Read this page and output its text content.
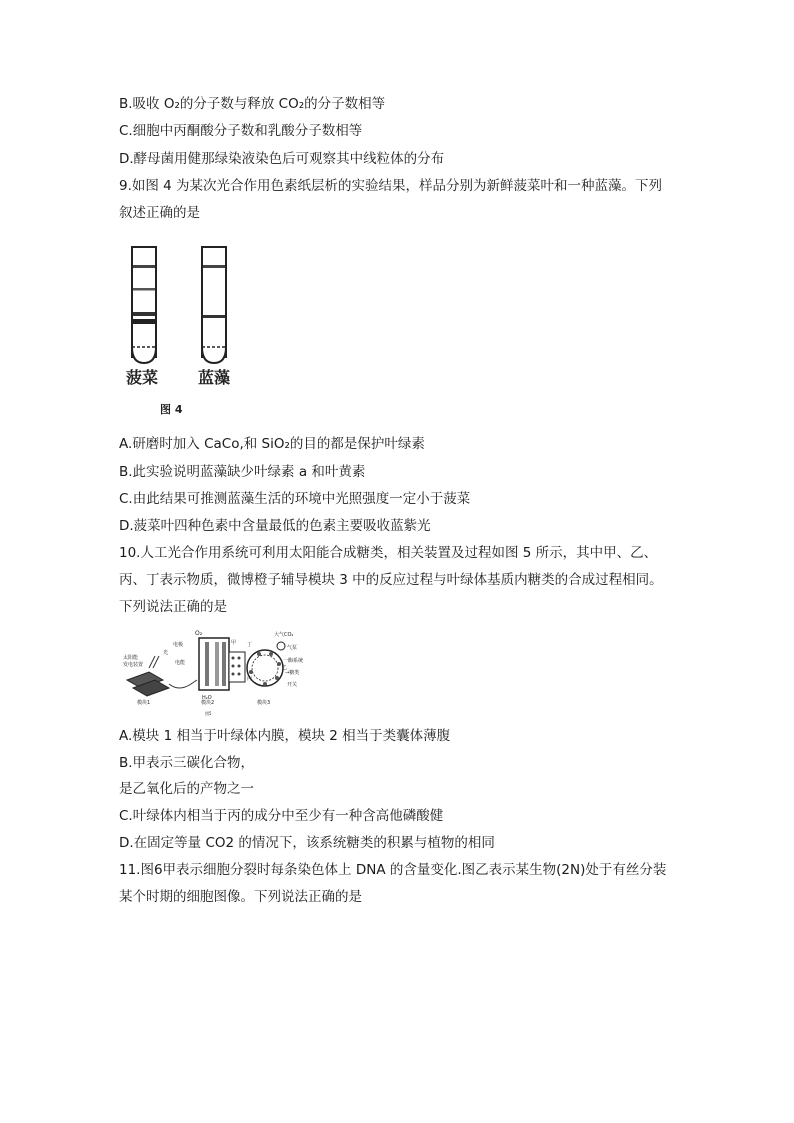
B.吸收 O₂的分子数与释放 CO₂的分子数相等
C.细胞中丙酮酸分子数和乳酸分子数相等
D.酵母菌用健那绿染液染色后可观察其中线粒体的分布
9.如图 4 为某次光合作用色素纸层析的实验结果，样品分别为新鲜菠菜叶和一种蓝藻。下列
叙述正确的是
菠菜 蓝藻
图 4
A.研磨时加入 CaCo,和 SiO₂的目的都是保护叶绿素
B.此实验说明蓝藻缺少叶绿素 a 和叶黄素
C.由此结果可推测蓝藻生活的环境中光照强度一定小于菠菜
D.菠菜叶四种色素中含量最低的色素主要吸收蓝紫光
10.人工光合作用系统可利用太阳能合成糖类，相关装置及过程如图 5 所示，其中甲、乙、
丙、丁表示物质，微博橙子辅导模块 3 中的反应过程与叶绿体基质内糖类的合成过程相同。
下列说法正确的是
太阳能
发电装置
光
O₂
电极
电能
甲
H₂O
丁
丙
大气CO₂
气泵
一酶系统
→糖类
乙
开关
模块1	模块2	模块3
图5
A.模块 1 相当于叶绿体内膜，模块 2 相当于类囊体薄腹
B.甲表示三碳化合物，
是乙氧化后的产物之一
C.叶绿体内相当于丙的成分中至少有一种含高他磷酸健
D.在固定等量 CO2 的情况下，该系统糖类的积累与植物的相同
11.图6甲表示细胞分裂时每条染色体上 DNA 的含量变化.图乙表示某生物(2N)处于有丝分装
某个时期的细胞图像。下列说法正确的是
